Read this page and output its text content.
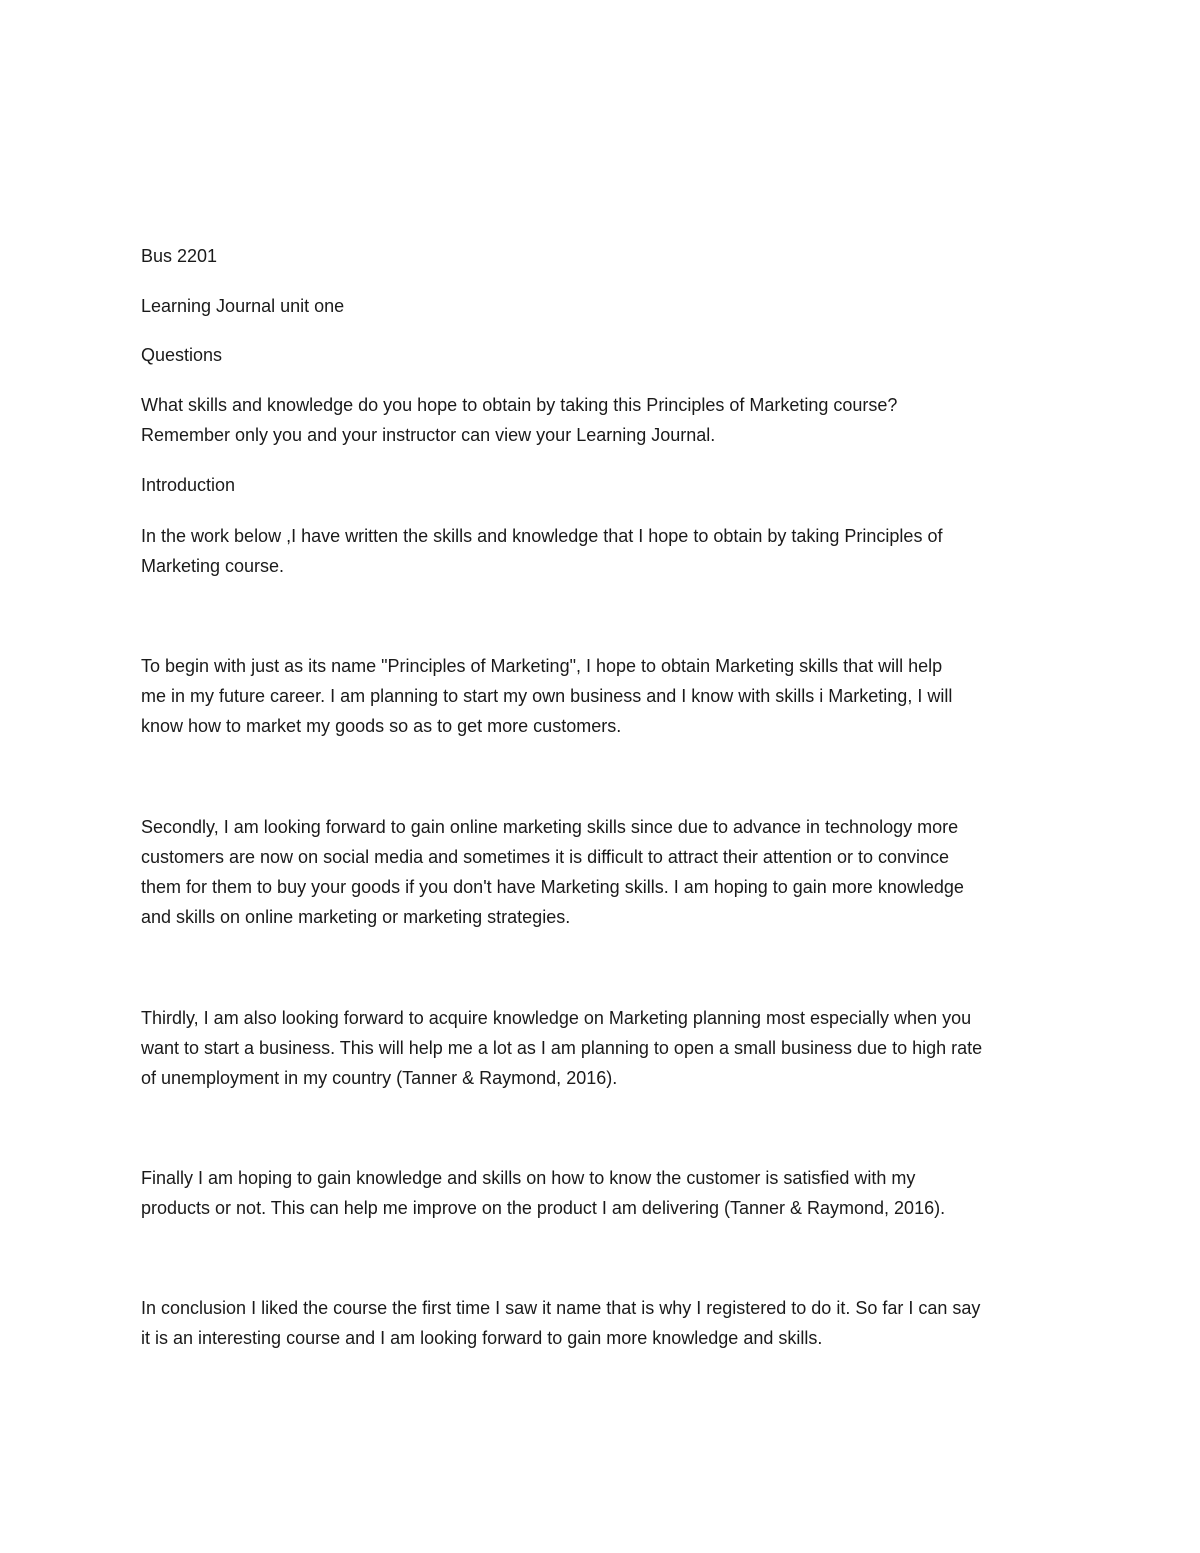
Bus 2201
Learning Journal unit one
Questions
What skills and knowledge do you hope to obtain by taking this Principles of Marketing course?
Remember only you and your instructor can view your Learning Journal.
Introduction
In the work below ,I have written the skills and knowledge that I hope to obtain by taking Principles of
Marketing course.
To begin with just as its name "Principles of Marketing", I hope to obtain Marketing skills that will help
me in my future career. I am planning to start my own business and I know with skills i Marketing, I will
know how to market my goods so as to get more customers.
Secondly, I am looking forward to gain online marketing skills since due to advance in technology more
customers are now on social media and sometimes it is difficult to attract their attention or to convince
them for them to buy your goods if you don't have Marketing skills. I am hoping to gain more knowledge
and skills on online marketing or marketing strategies.
Thirdly, I am also looking forward to acquire knowledge on Marketing planning most especially when you
want to start a business. This will help me a lot as I am planning to open a small business due to high rate
of unemployment in my country (Tanner & Raymond, 2016).
Finally I am hoping to gain knowledge and skills on how to know the customer is satisfied with my
products or not. This can help me improve on the product I am delivering (Tanner & Raymond, 2016).
In conclusion I liked the course the first time I saw it name that is why I registered to do it. So far I can say
it is an interesting course and I am looking forward to gain more knowledge and skills.
